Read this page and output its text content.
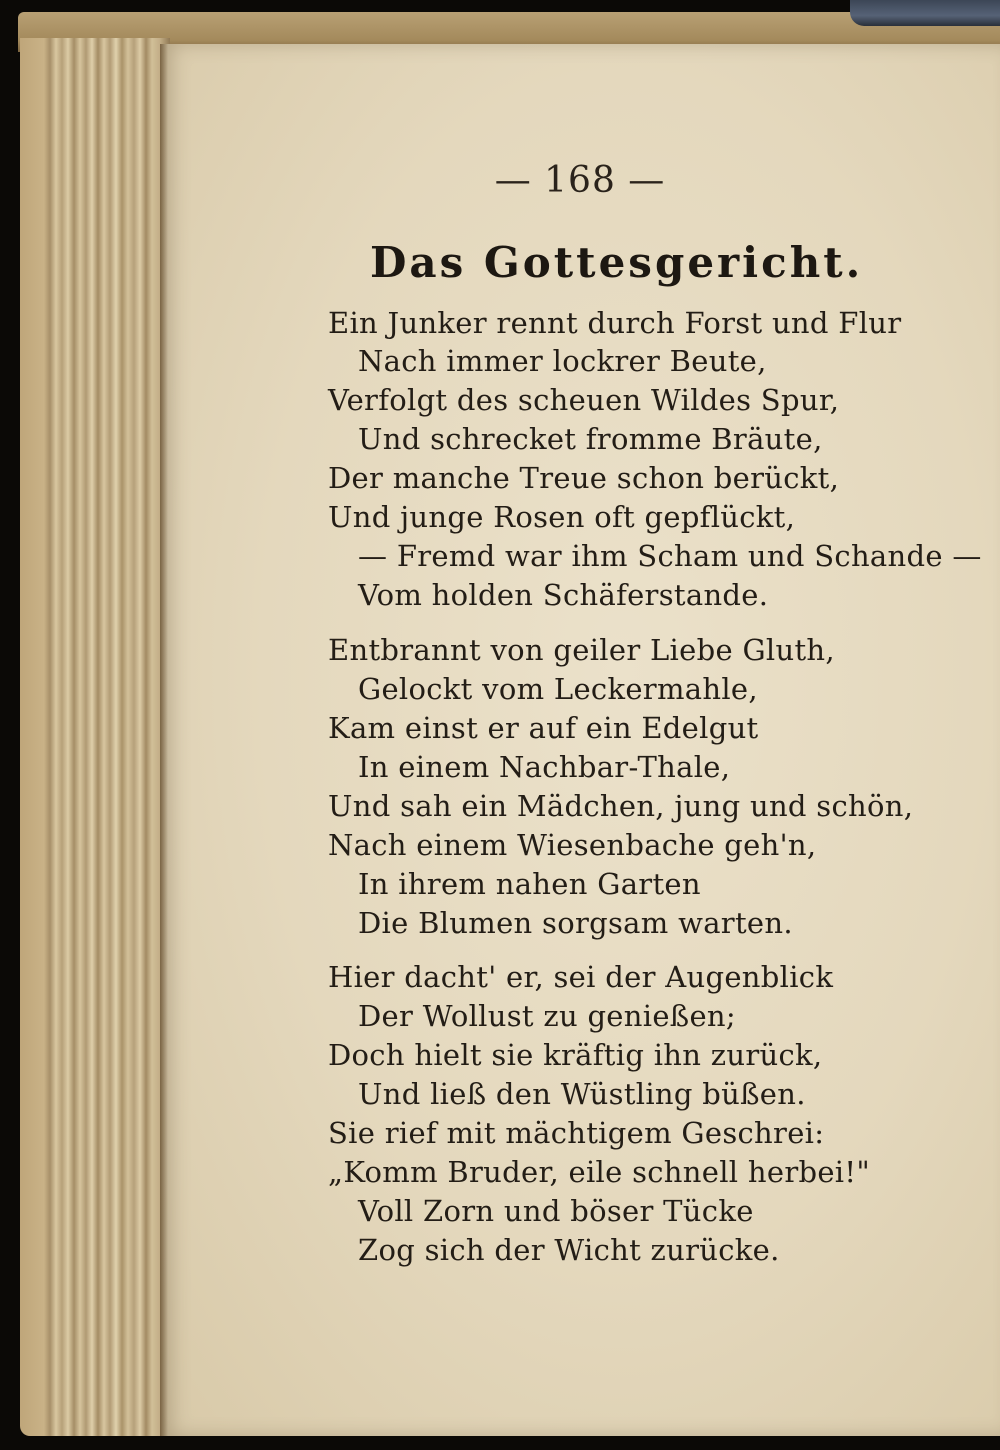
— 168 —
Das Gottesgericht.
Ein Junker rennt durch Forst und Flur
Nach immer lockrer Beute,
Verfolgt des scheuen Wildes Spur,
Und schrecket fromme Bräute,
Der manche Treue schon berückt,
Und junge Rosen oft gepflückt,
— Fremd war ihm Scham und Schande —
Vom holden Schäferstande.
Entbrannt von geiler Liebe Gluth,
Gelockt vom Leckermahle,
Kam einst er auf ein Edelgut
In einem Nachbar-Thale,
Und sah ein Mädchen, jung und schön,
Nach einem Wiesenbache geh'n,
In ihrem nahen Garten
Die Blumen sorgsam warten.
Hier dacht' er, sei der Augenblick
Der Wollust zu genießen;
Doch hielt sie kräftig ihn zurück,
Und ließ den Wüstling büßen.
Sie rief mit mächtigem Geschrei:
„Komm Bruder, eile schnell herbei!"
Voll Zorn und böser Tücke
Zog sich der Wicht zurücke.
